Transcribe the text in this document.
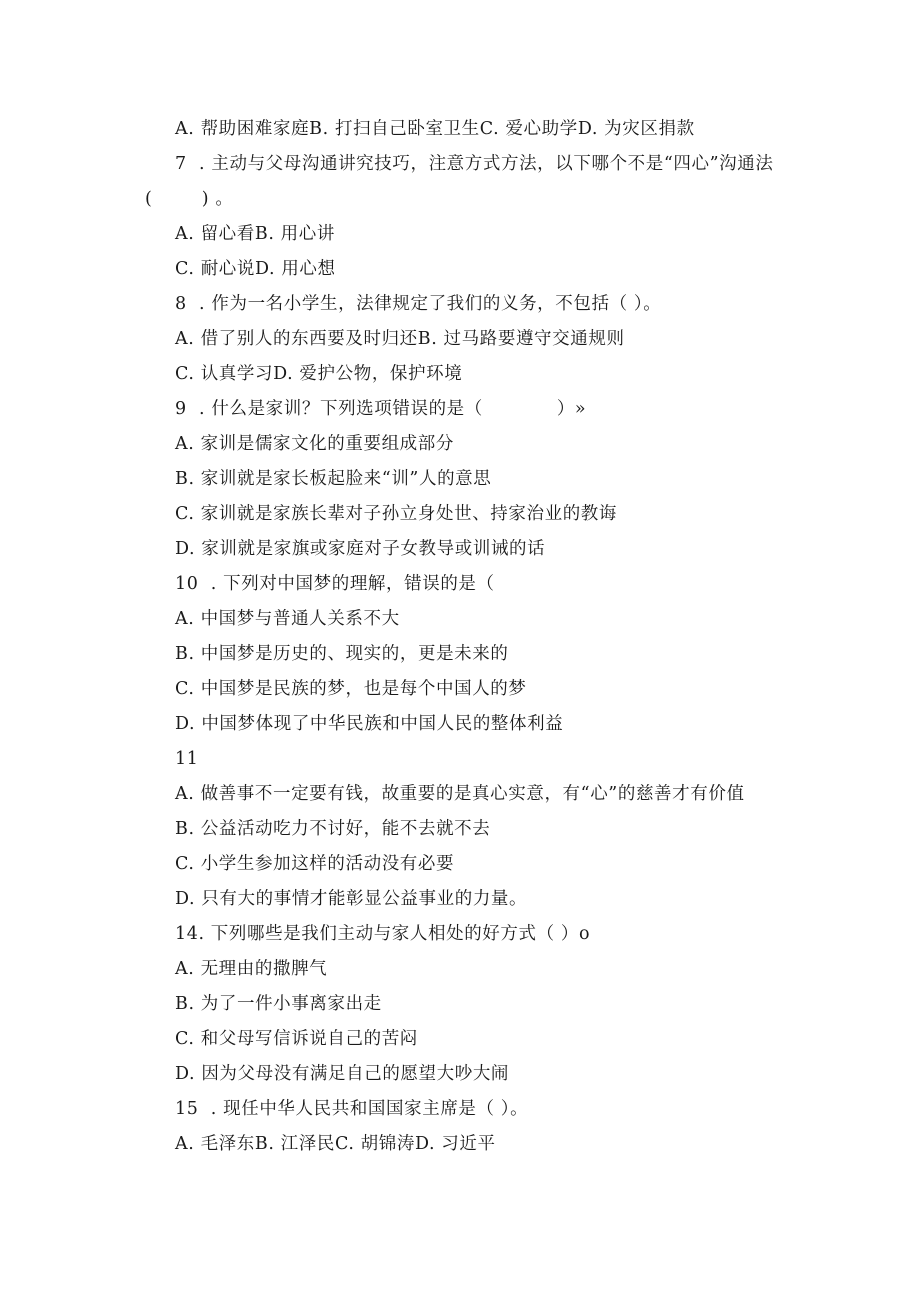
A. 帮助困难家庭B. 打扫自己卧室卫生C. 爱心助学D. 为灾区捐款
7  . 主动与父母沟通讲究技巧，注意方式方法，以下哪个不是“四心”沟通法
(        ) 。
A. 留心看B. 用心讲
C. 耐心说D. 用心想
8  . 作为一名小学生，法律规定了我们的义务，不包括（ ）。
A. 借了别人的东西要及时归还B. 过马路要遵守交通规则
C. 认真学习D. 爱护公物，保护环境
9  . 什么是家训？下列选项错误的是（            ）»
A. 家训是儒家文化的重要组成部分
B. 家训就是家长板起脸来“训”人的意思
C. 家训就是家族长辈对子孙立身处世、持家治业的教诲
D. 家训就是家旗或家庭对子女教导或训诫的话
10  . 下列对中国梦的理解，错误的是（
A. 中国梦与普通人关系不大
B. 中国梦是历史的、现实的，更是未来的
C. 中国梦是民族的梦，也是每个中国人的梦
D. 中国梦体现了中华民族和中国人民的整体利益
11
A. 做善事不一定要有钱，故重要的是真心实意，有“心”的慈善才有价值
B. 公益活动吃力不讨好，能不去就不去
C. 小学生参加这样的活动没有必要
D. 只有大的事情才能彰显公益事业的力量。
14. 下列哪些是我们主动与家人相处的好方式（ ）o
A. 无理由的撒脾气
B. 为了一件小事离家出走
C. 和父母写信诉说自己的苦闷
D. 因为父母没有满足自己的愿望大吵大闹
15  . 现任中华人民共和国国家主席是（ ）。
A. 毛泽东B. 江泽民C. 胡锦涛D. 习近平
